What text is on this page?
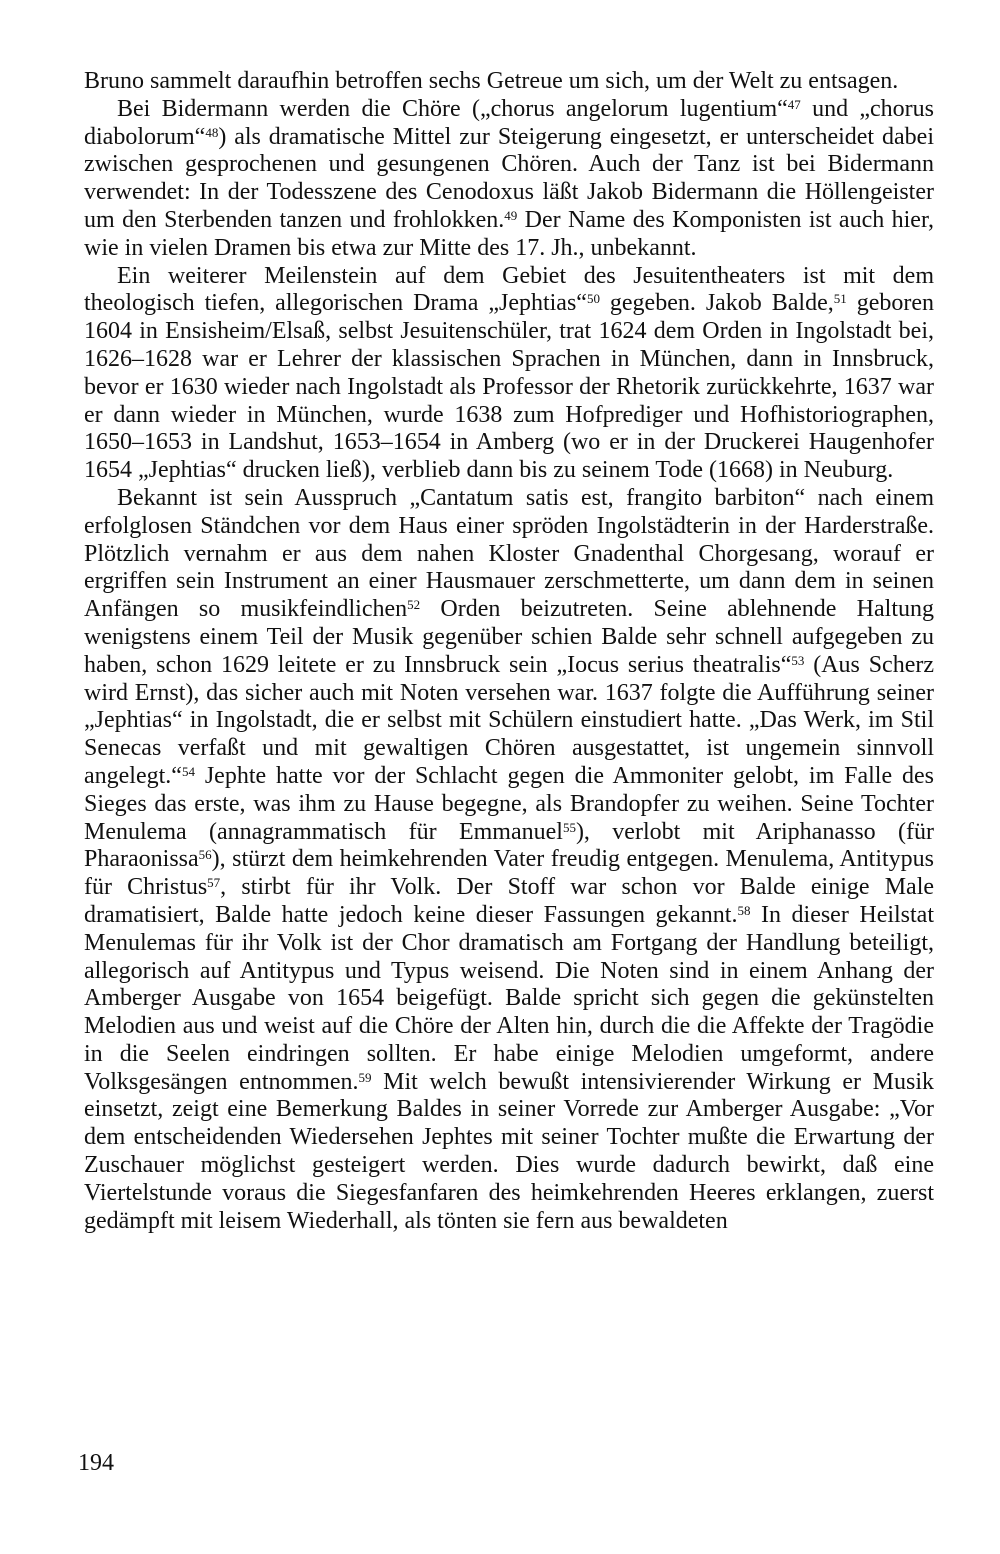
Bruno sammelt daraufhin betroffen sechs Getreue um sich, um der Welt zu entsagen.

Bei Bidermann werden die Chöre („chorus angelorum lugentium“$^{47}$ und „chorus diabolorum“$^{48}$) als dramatische Mittel zur Steigerung eingesetzt, er unterscheidet dabei zwischen gesprochenen und gesungenen Chören. Auch der Tanz ist bei Bidermann verwendet: In der Todesszene des Cenodoxus läßt Jakob Bidermann die Höllengeister um den Sterbenden tanzen und frohlokken.$^{49}$ Der Name des Komponisten ist auch hier, wie in vielen Dramen bis etwa zur Mitte des 17. Jh., unbekannt.

Ein weiterer Meilenstein auf dem Gebiet des Jesuitentheaters ist mit dem theologisch tiefen, allegorischen Drama „Jephtias“$^{50}$ gegeben. Jakob Balde,$^{51}$ geboren 1604 in Ensisheim/Elsaß, selbst Jesuitenschüler, trat 1624 dem Orden in Ingolstadt bei, 1626–1628 war er Lehrer der klassischen Sprachen in München, dann in Innsbruck, bevor er 1630 wieder nach Ingolstadt als Professor der Rhetorik zurückkehrte, 1637 war er dann wieder in München, wurde 1638 zum Hofprediger und Hofhistoriographen, 1650–1653 in Landshut, 1653–1654 in Amberg (wo er in der Druckerei Haugenhofer 1654 „Jephtias“ drucken ließ), verblieb dann bis zu seinem Tode (1668) in Neuburg.

Bekannt ist sein Ausspruch „Cantatum satis est, frangito barbiton“ nach einem erfolglosen Ständchen vor dem Haus einer spröden Ingolstädterin in der Harderstraße. Plötzlich vernahm er aus dem nahen Kloster Gnadenthal Chorgesang, worauf er ergriffen sein Instrument an einer Hausmauer zerschmetterte, um dann dem in seinen Anfängen so musikfeindlichen$^{52}$ Orden beizutreten. Seine ablehnende Haltung wenigstens einem Teil der Musik gegenüber schien Balde sehr schnell aufgegeben zu haben, schon 1629 leitete er zu Innsbruck sein „Iocus serius theatralis“$^{53}$ (Aus Scherz wird Ernst), das sicher auch mit Noten versehen war. 1637 folgte die Aufführung seiner „Jephtias“ in Ingolstadt, die er selbst mit Schülern einstudiert hatte. „Das Werk, im Stil Senecas verfaßt und mit gewaltigen Chören ausgestattet, ist ungemein sinnvoll angelegt.“$^{54}$ Jephte hatte vor der Schlacht gegen die Ammoniter gelobt, im Falle des Sieges das erste, was ihm zu Hause begegne, als Brandopfer zu weihen. Seine Tochter Menulema (annagrammatisch für Emmanuel$^{55}$), verlobt mit Ariphanasso (für Pharaonissa$^{56}$), stürzt dem heimkehrenden Vater freudig entgegen. Menulema, Antitypus für Christus$^{57}$, stirbt für ihr Volk. Der Stoff war schon vor Balde einige Male dramatisiert, Balde hatte jedoch keine dieser Fassungen gekannt.$^{58}$ In dieser Heilstat Menulemas für ihr Volk ist der Chor dramatisch am Fortgang der Handlung beteiligt, allegorisch auf Antitypus und Typus weisend. Die Noten sind in einem Anhang der Amberger Ausgabe von 1654 beigefügt. Balde spricht sich gegen die gekünstelten Melodien aus und weist auf die Chöre der Alten hin, durch die die Affekte der Tragödie in die Seelen eindringen sollten. Er habe einige Melodien umgeformt, andere Volksgesängen entnommen.$^{59}$ Mit welch bewußt intensivierender Wirkung er Musik einsetzt, zeigt eine Bemerkung Baldes in seiner Vorrede zur Amberger Ausgabe: „Vor dem entscheidenden Wiedersehen Jephtes mit seiner Tochter mußte die Erwartung der Zuschauer möglichst gesteigert werden. Dies wurde dadurch bewirkt, daß eine Viertelstunde voraus die Siegesfanfaren des heimkehrenden Heeres erklangen, zuerst gedämpft mit leisem Wiederhall, als tönten sie fern aus bewaldeten

194
